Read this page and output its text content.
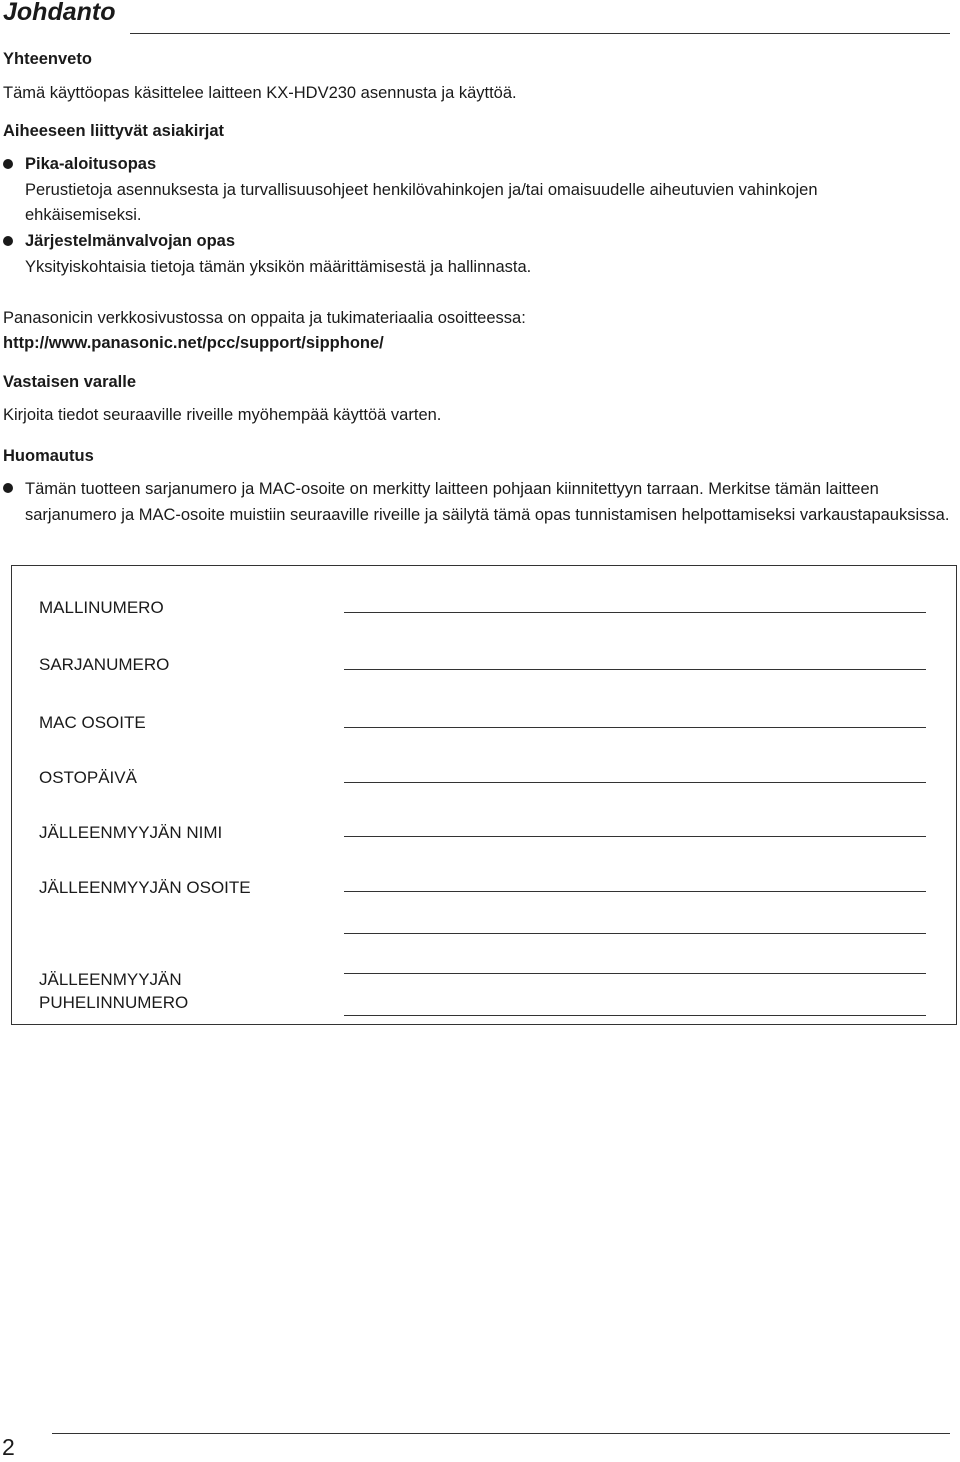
Johdanto

Yhteenveto

Tämä käyttöopas käsittelee laitteen KX-HDV230 asennusta ja käyttöä.

Aiheeseen liittyvät asiakirjat

Pika-aloitusopas

Perustietoja asennuksesta ja turvallisuusohjeet henkilövahinkojen ja/tai omaisuudelle aiheutuvien vahinkojen

ehkäisemiseksi.

Järjestelmänvalvojan opas

Yksityiskohtaisia tietoja tämän yksikön määrittämisestä ja hallinnasta.

Panasonicin verkkosivustossa on oppaita ja tukimateriaalia osoitteessa:

http://www.panasonic.net/pcc/support/sipphone/

Vastaisen varalle

Kirjoita tiedot seuraaville riveille myöhempää käyttöä varten.

Huomautus

Tämän tuotteen sarjanumero ja MAC-osoite on merkitty laitteen pohjaan kiinnitettyyn tarraan. Merkitse tämän laitteen sarjanumero ja MAC-osoite muistiin seuraaville riveille ja säilytä tämä opas tunnistamisen helpottamiseksi varkaustapauksissa.

MALLINUMERO
SARJANUMERO
MAC OSOITE
OSTOPÄIVÄ
JÄLLEENMYYJÄN NIMI
JÄLLEENMYYJÄN OSOITE
JÄLLEENMYYJÄN
PUHELINNUMERO
2
